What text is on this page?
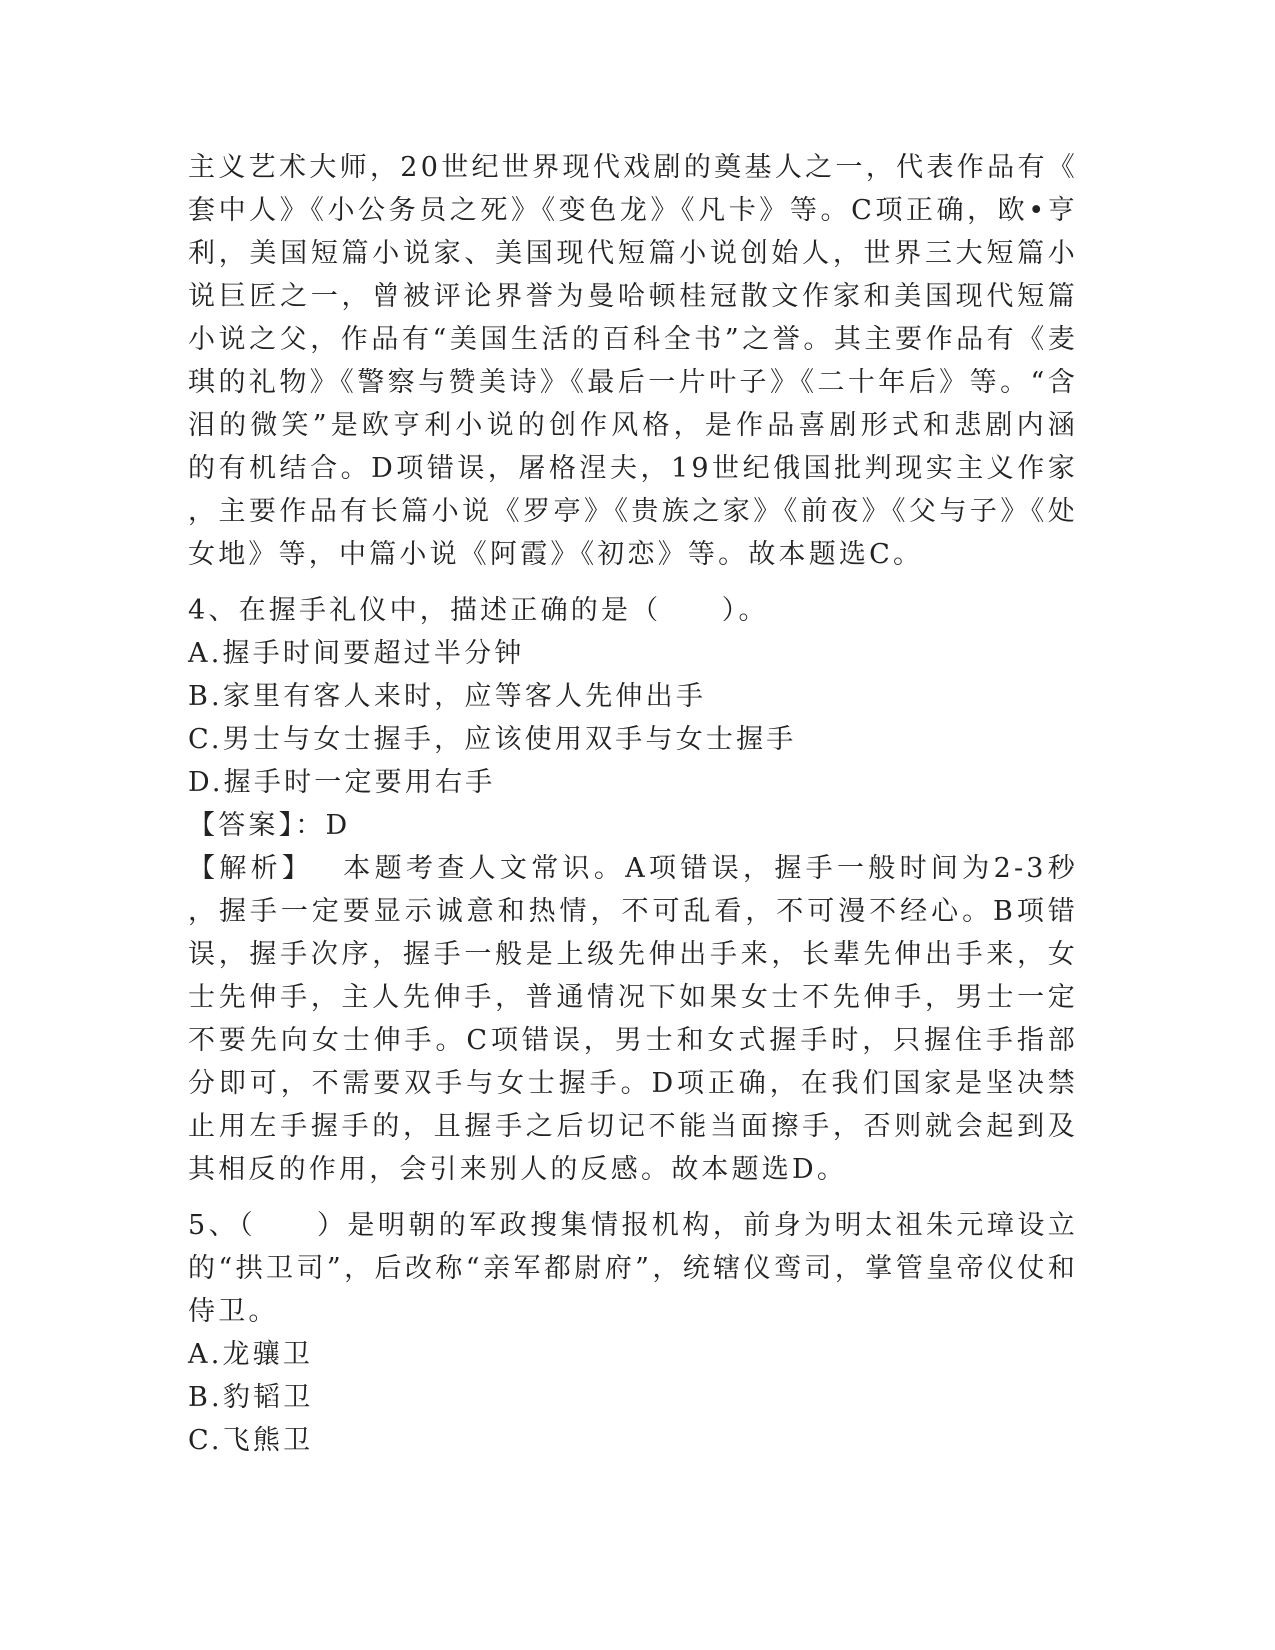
主义艺术大师，20世纪世界现代戏剧的奠基人之一，代表作品有《套中人》《小公务员之死》《变色龙》《凡卡》等。C项正确，欧•亨利，美国短篇小说家、美国现代短篇小说创始人，世界三大短篇小说巨匠之一，曾被评论界誉为曼哈顿桂冠散文作家和美国现代短篇小说之父，作品有“美国生活的百科全书”之誉。其主要作品有《麦琪的礼物》《警察与赞美诗》《最后一片叶子》《二十年后》等。“含泪的微笑”是欧亨利小说的创作风格，是作品喜剧形式和悲剧内涵的有机结合。D项错误，屠格涅夫，19世纪俄国批判现实主义作家，主要作品有长篇小说《罗亭》《贵族之家》《前夜》《父与子》《处女地》等，中篇小说《阿霞》《初恋》等。故本题选C。

4、在握手礼仪中，描述正确的是（　　）。

A.握手时间要超过半分钟

B.家里有客人来时，应等客人先伸出手

C.男士与女士握手，应该使用双手与女士握手

D.握手时一定要用右手

【答案】：D

【解析】 本题考查人文常识。A项错误，握手一般时间为2-3秒，握手一定要显示诚意和热情，不可乱看，不可漫不经心。B项错误，握手次序，握手一般是上级先伸出手来，长辈先伸出手来，女士先伸手，主人先伸手，普通情况下如果女士不先伸手，男士一定不要先向女士伸手。C项错误，男士和女式握手时，只握住手指部分即可，不需要双手与女士握手。D项正确，在我们国家是坚决禁止用左手握手的，且握手之后切记不能当面擦手，否则就会起到及其相反的作用，会引来别人的反感。故本题选D。

5、（　　）是明朝的军政搜集情报机构，前身为明太祖朱元璋设立的“拱卫司”，后改称“亲军都尉府”，统辖仪鸾司，掌管皇帝仪仗和侍卫。

A.龙骧卫

B.豹韬卫

C.飞熊卫
